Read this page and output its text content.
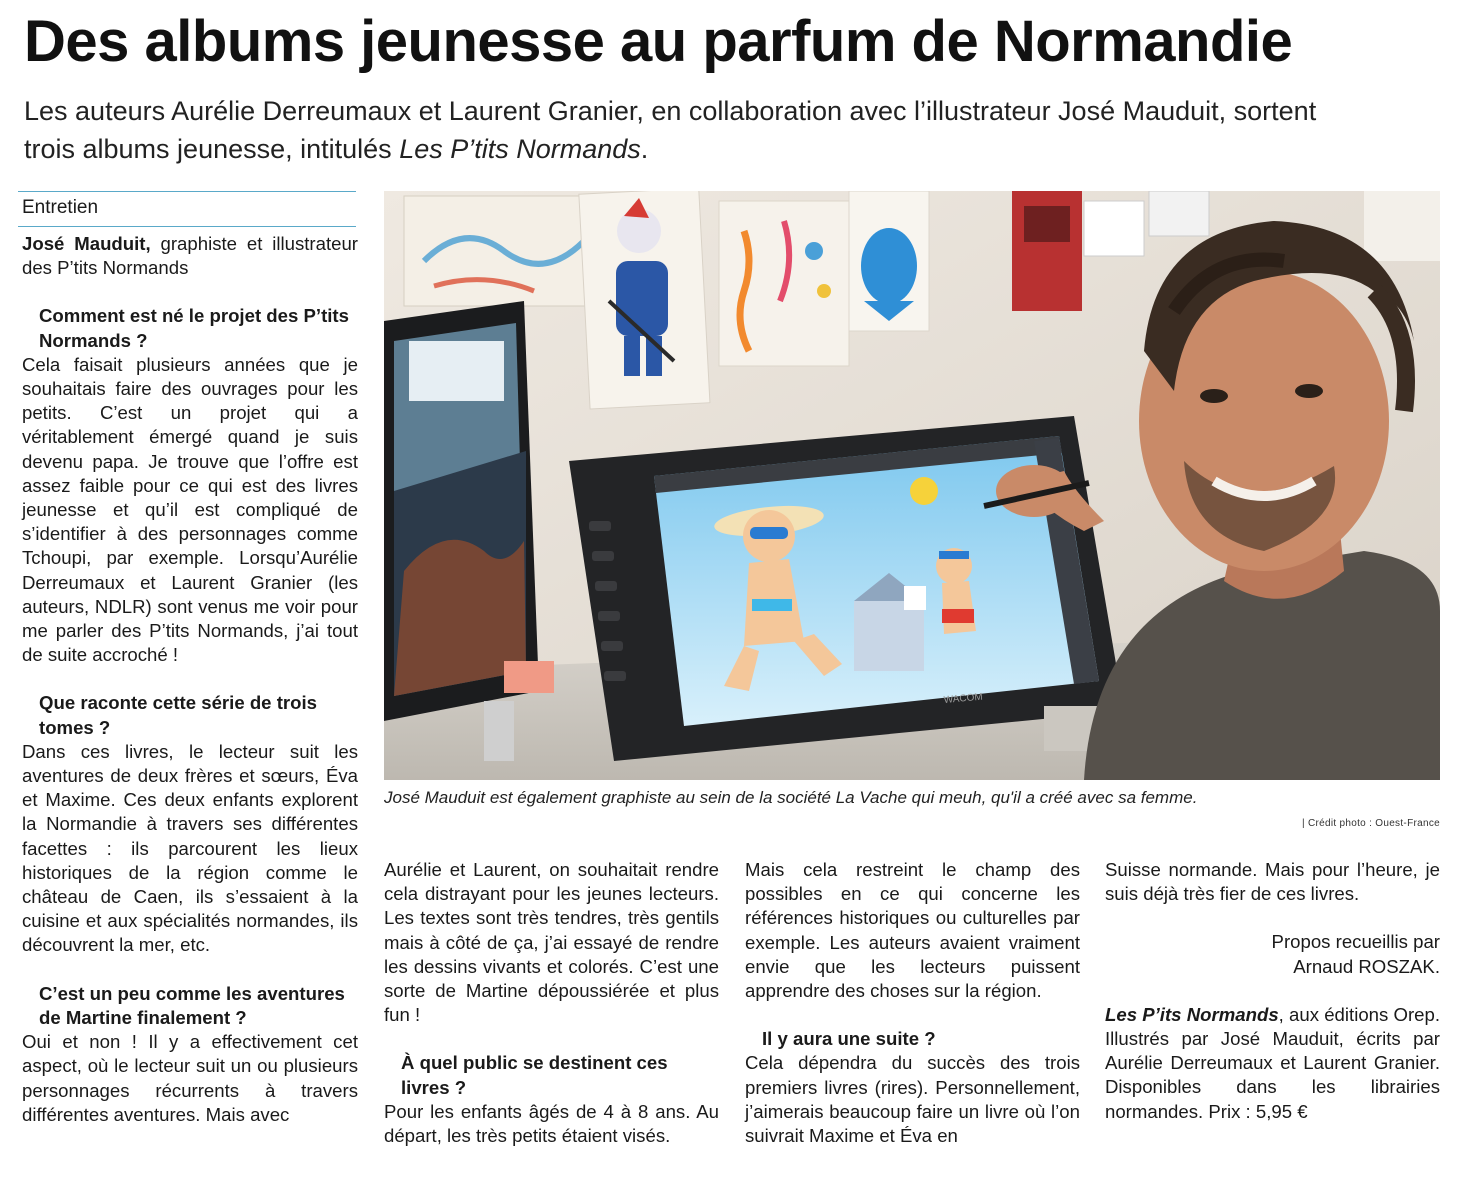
Des albums jeunesse au parfum de Normandie

Les auteurs Aurélie Derreumaux et Laurent Granier, en collaboration avec l’illustrateur José Mauduit, sortent trois albums jeunesse, intitulés Les P’tits Normands.

Entretien

José Mauduit, graphiste et illustrateur des P’tits Normands

Comment est né le projet des P’tits Normands ?

Cela faisait plusieurs années que je souhaitais faire des ouvrages pour les petits. C’est un projet qui a véritablement émergé quand je suis devenu papa. Je trouve que l’offre est assez faible pour ce qui est des livres jeunesse et qu’il est compliqué de s’identifier à des personnages comme Tchoupi, par exemple. Lorsqu’Aurélie Derreumaux et Laurent Granier (les auteurs, NDLR) sont venus me voir pour me parler des P’tits Normands, j’ai tout de suite accroché !

Que raconte cette série de trois tomes ?

Dans ces livres, le lecteur suit les aventures de deux frères et sœurs, Éva et Maxime. Ces deux enfants explorent la Normandie à travers ses différentes facettes : ils parcourent les lieux historiques de la région comme le château de Caen, ils s’essaient à la cuisine et aux spécialités normandes, ils découvrent la mer, etc.

C’est un peu comme les aventures de Martine finalement ?

Oui et non ! Il y a effectivement cet aspect, où le lecteur suit un ou plusieurs personnages récurrents à travers différentes aventures. Mais avec

WACOM

José Mauduit est également graphiste au sein de la société La Vache qui meuh, qu'il a créé avec sa femme.

| Crédit photo : Ouest-France

Aurélie et Laurent, on souhaitait rendre cela distrayant pour les jeunes lecteurs. Les textes sont très tendres, très gentils mais à côté de ça, j’ai essayé de rendre les dessins vivants et colorés. C’est une sorte de Martine dépoussiérée et plus fun !

À quel public se destinent ces livres ?

Pour les enfants âgés de 4 à 8 ans. Au départ, les très petits étaient visés.

Mais cela restreint le champ des possibles en ce qui concerne les références historiques ou culturelles par exemple. Les auteurs avaient vraiment envie que les lecteurs puissent apprendre des choses sur la région.

Il y aura une suite ?

Cela dépendra du succès des trois premiers livres (rires). Personnellement, j’aimerais beaucoup faire un livre où l’on suivrait Maxime et Éva en

Suisse normande. Mais pour l’heure, je suis déjà très fier de ces livres.

Propos recueillis par

Arnaud ROSZAK.

Les P’its Normands, aux éditions Orep. Illustrés par José Mauduit, écrits par Aurélie Derreumaux et Laurent Granier. Disponibles dans les librairies normandes. Prix : 5,95 €
